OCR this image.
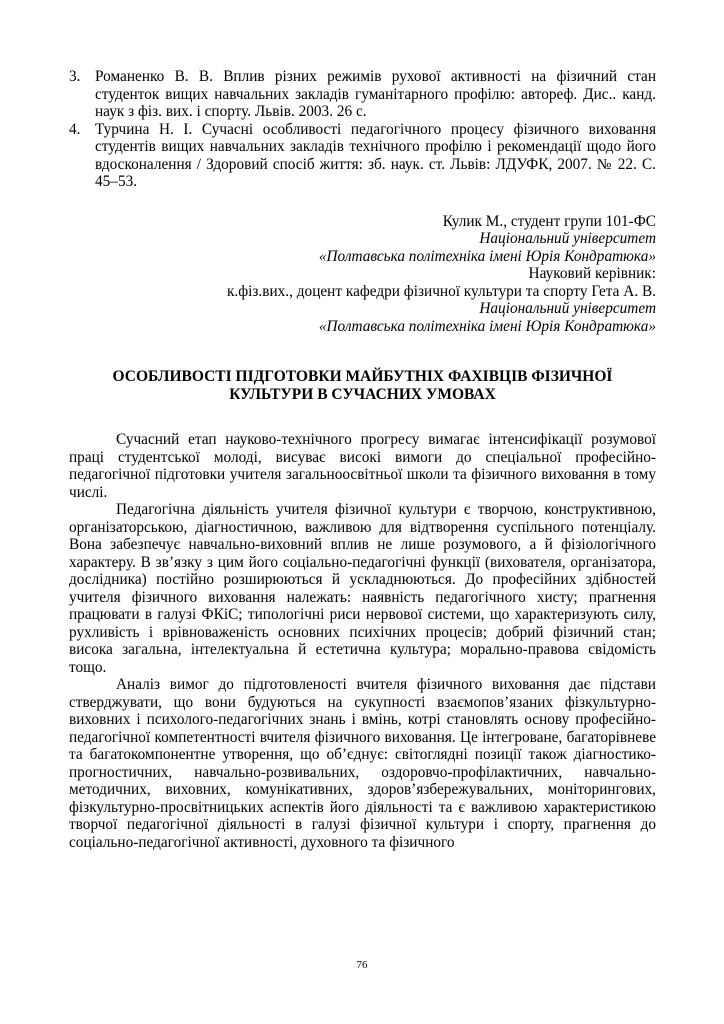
3. Романенко В. В. Вплив різних режимів рухової активності на фізичний стан студенток вищих навчальних закладів гуманітарного профілю: автореф. Дис.. канд. наук з фіз. вих. і спорту. Львів. 2003. 26 с.
4. Турчина Н. І. Сучасні особливості педагогічного процесу фізичного виховання студентів вищих навчальних закладів технічного профілю і рекомендації щодо його вдосконалення / Здоровий спосіб життя: зб. наук. ст. Львів: ЛДУФК, 2007. № 22. С. 45–53.
Кулик М., студент групи 101-ФС
Національний університет
«Полтавська політехніка імені Юрія Кондратюка»
Науковий керівник:
к.фіз.вих., доцент кафедри фізичної культури та спорту Гета А. В.
Національний університет
«Полтавська політехніка імені Юрія Кондратюка»
ОСОБЛИВОСТІ ПІДГОТОВКИ МАЙБУТНІХ ФАХІВЦІВ ФІЗИЧНОЇ
КУЛЬТУРИ В СУЧАСНИХ УМОВАХ

Сучасний етап науково-технічного прогресу вимагає інтенсифікації розумової праці студентської молоді, висуває високі вимоги до спеціальної професійно-педагогічної підготовки учителя загальноосвітньої школи та фізичного виховання в тому числі.

Педагогічна діяльність учителя фізичної культури є творчою, конструктивною, організаторською, діагностичною, важливою для відтворення суспільного потенціалу. Вона забезпечує навчально-виховний вплив не лише розумового, а й фізіологічного характеру. В зв’язку з цим його соціально-педагогічні функції (вихователя, організатора, дослідника) постійно розширюються й ускладнюються. До професійних здібностей учителя фізичного виховання належать: наявність педагогічного хисту; прагнення працювати в галузі ФКіС; типологічні риси нервової системи, що характеризують силу, рухливість і врівноваженість основних психічних процесів; добрий фізичний стан; висока загальна, інтелектуальна й естетична культура; морально-правова свідомість тощо.

Аналіз вимог до підготовленості вчителя фізичного виховання дає підстави стверджувати, що вони будуються на сукупності взаємопов’язаних фізкультурно-виховних і психолого-педагогічних знань і вмінь, котрі становлять основу професійно-педагогічної компетентності вчителя фізичного виховання. Це інтегроване, багаторівневе та багатокомпонентне утворення, що об’єднує: світоглядні позиції також діагностико-прогностичних, навчально-розвивальних, оздоровчо-профілактичних, навчально-методичних, виховних, комунікативних, здоров’язбережувальних, моніторингових, фізкультурно-просвітницьких аспектів його діяльності та є важливою характеристикою творчої педагогічної діяльності в галузі фізичної культури і спорту, прагнення до соціально-педагогічної активності, духовного та фізичного

76
